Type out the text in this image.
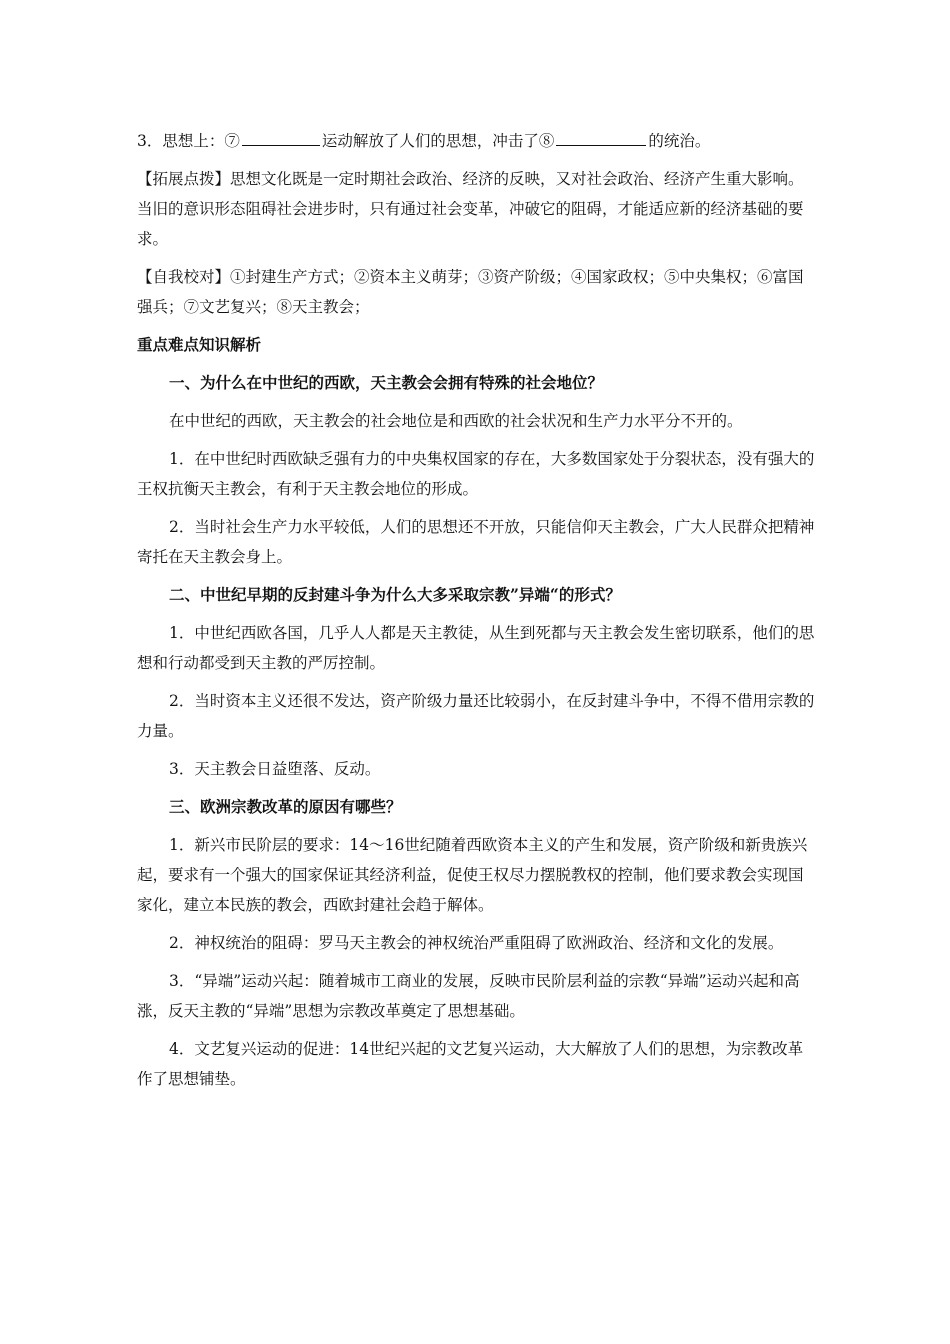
3．思想上：⑦	运动解放了人们的思想，冲击了⑧	的统治。

【拓展点拨】思想文化既是一定时期社会政治、经济的反映，又对社会政治、经济产生重大影响。当旧的意识形态阻碍社会进步时，只有通过社会变革，冲破它的阻碍，才能适应新的经济基础的要求。

【自我校对】①封建生产方式；②资本主义萌芽；③资产阶级；④国家政权；⑤中央集权；⑥富国强兵；⑦文艺复兴；⑧天主教会；

重点难点知识解析

一、为什么在中世纪的西欧，天主教会会拥有特殊的社会地位？

在中世纪的西欧，天主教会的社会地位是和西欧的社会状况和生产力水平分不开的。

1．在中世纪时西欧缺乏强有力的中央集权国家的存在，大多数国家处于分裂状态，没有强大的王权抗衡天主教会，有利于天主教会地位的形成。

2．当时社会生产力水平较低，人们的思想还不开放，只能信仰天主教会，广大人民群众把精神寄托在天主教会身上。

二、中世纪早期的反封建斗争为什么大多采取宗教”异端“的形式？

1．中世纪西欧各国，几乎人人都是天主教徒，从生到死都与天主教会发生密切联系，他们的思想和行动都受到天主教的严厉控制。

2．当时资本主义还很不发达，资产阶级力量还比较弱小，在反封建斗争中，不得不借用宗教的力量。

3．天主教会日益堕落、反动。

三、欧洲宗教改革的原因有哪些？

1．新兴市民阶层的要求：14～16世纪随着西欧资本主义的产生和发展，资产阶级和新贵族兴起，要求有一个强大的国家保证其经济利益，促使王权尽力摆脱教权的控制，他们要求教会实现国家化，建立本民族的教会，西欧封建社会趋于解体。

2．神权统治的阻碍：罗马天主教会的神权统治严重阻碍了欧洲政治、经济和文化的发展。

3．“异端”运动兴起：随着城市工商业的发展，反映市民阶层利益的宗教“异端”运动兴起和高涨，反天主教的“异端”思想为宗教改革奠定了思想基础。

4．文艺复兴运动的促进：14世纪兴起的文艺复兴运动，大大解放了人们的思想，为宗教改革作了思想铺垫。
